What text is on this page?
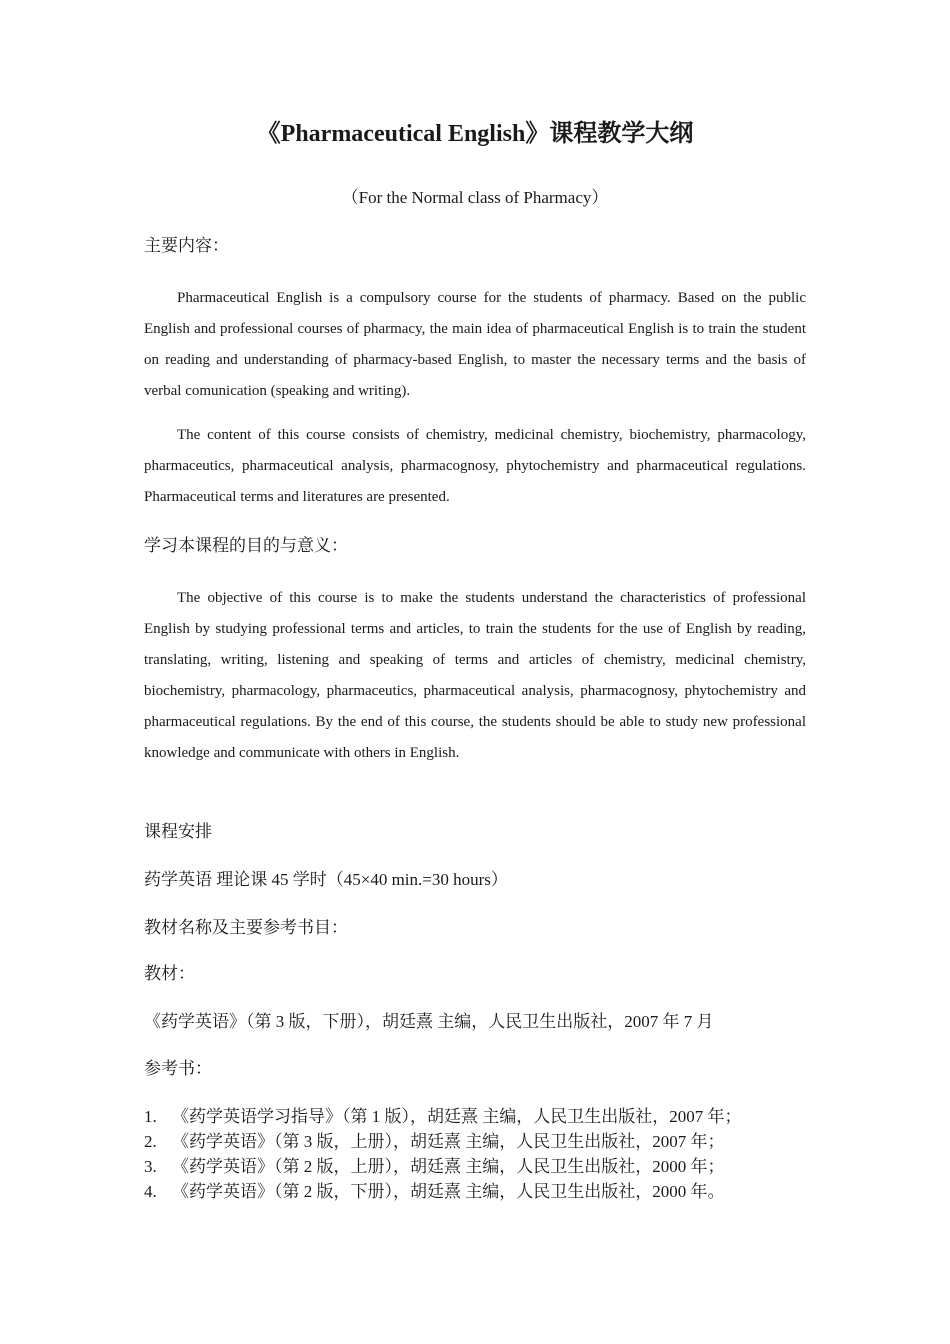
《Pharmaceutical English》课程教学大纲
（For the Normal class of Pharmacy）
主要内容：

Pharmaceutical English is a compulsory course for the students of pharmacy. Based on the public English and professional courses of pharmacy, the main idea of pharmaceutical English is to train the student on reading and understanding of pharmacy-based English, to master the necessary terms and the basis of verbal comunication (speaking and writing).

The content of this course consists of chemistry, medicinal chemistry, biochemistry, pharmacology, pharmaceutics, pharmaceutical analysis, pharmacognosy, phytochemistry and pharmaceutical regulations. Pharmaceutical terms and literatures are presented.

学习本课程的目的与意义：

The objective of this course is to make the students understand the characteristics of professional English by studying professional terms and articles, to train the students for the use of English by reading, translating, writing, listening and speaking of terms and articles of chemistry, medicinal chemistry, biochemistry, pharmacology, pharmaceutics, pharmaceutical analysis, pharmacognosy, phytochemistry and pharmaceutical regulations. By the end of this course, the students should be able to study new professional knowledge and communicate with others in English.

课程安排
药学英语 理论课 45 学时（45×40 min.=30 hours）
教材名称及主要参考书目：
教材：
《药学英语》（第 3 版，下册），胡廷熹 主编，人民卫生出版社，2007 年 7 月
参考书：
1. 《药学英语学习指导》（第 1 版），胡廷熹 主编，人民卫生出版社，2007 年；
2. 《药学英语》（第 3 版，上册），胡廷熹 主编，人民卫生出版社，2007 年；
3. 《药学英语》（第 2 版，上册），胡廷熹 主编，人民卫生出版社，2000 年；
4. 《药学英语》（第 2 版，下册），胡廷熹 主编，人民卫生出版社，2000 年。
